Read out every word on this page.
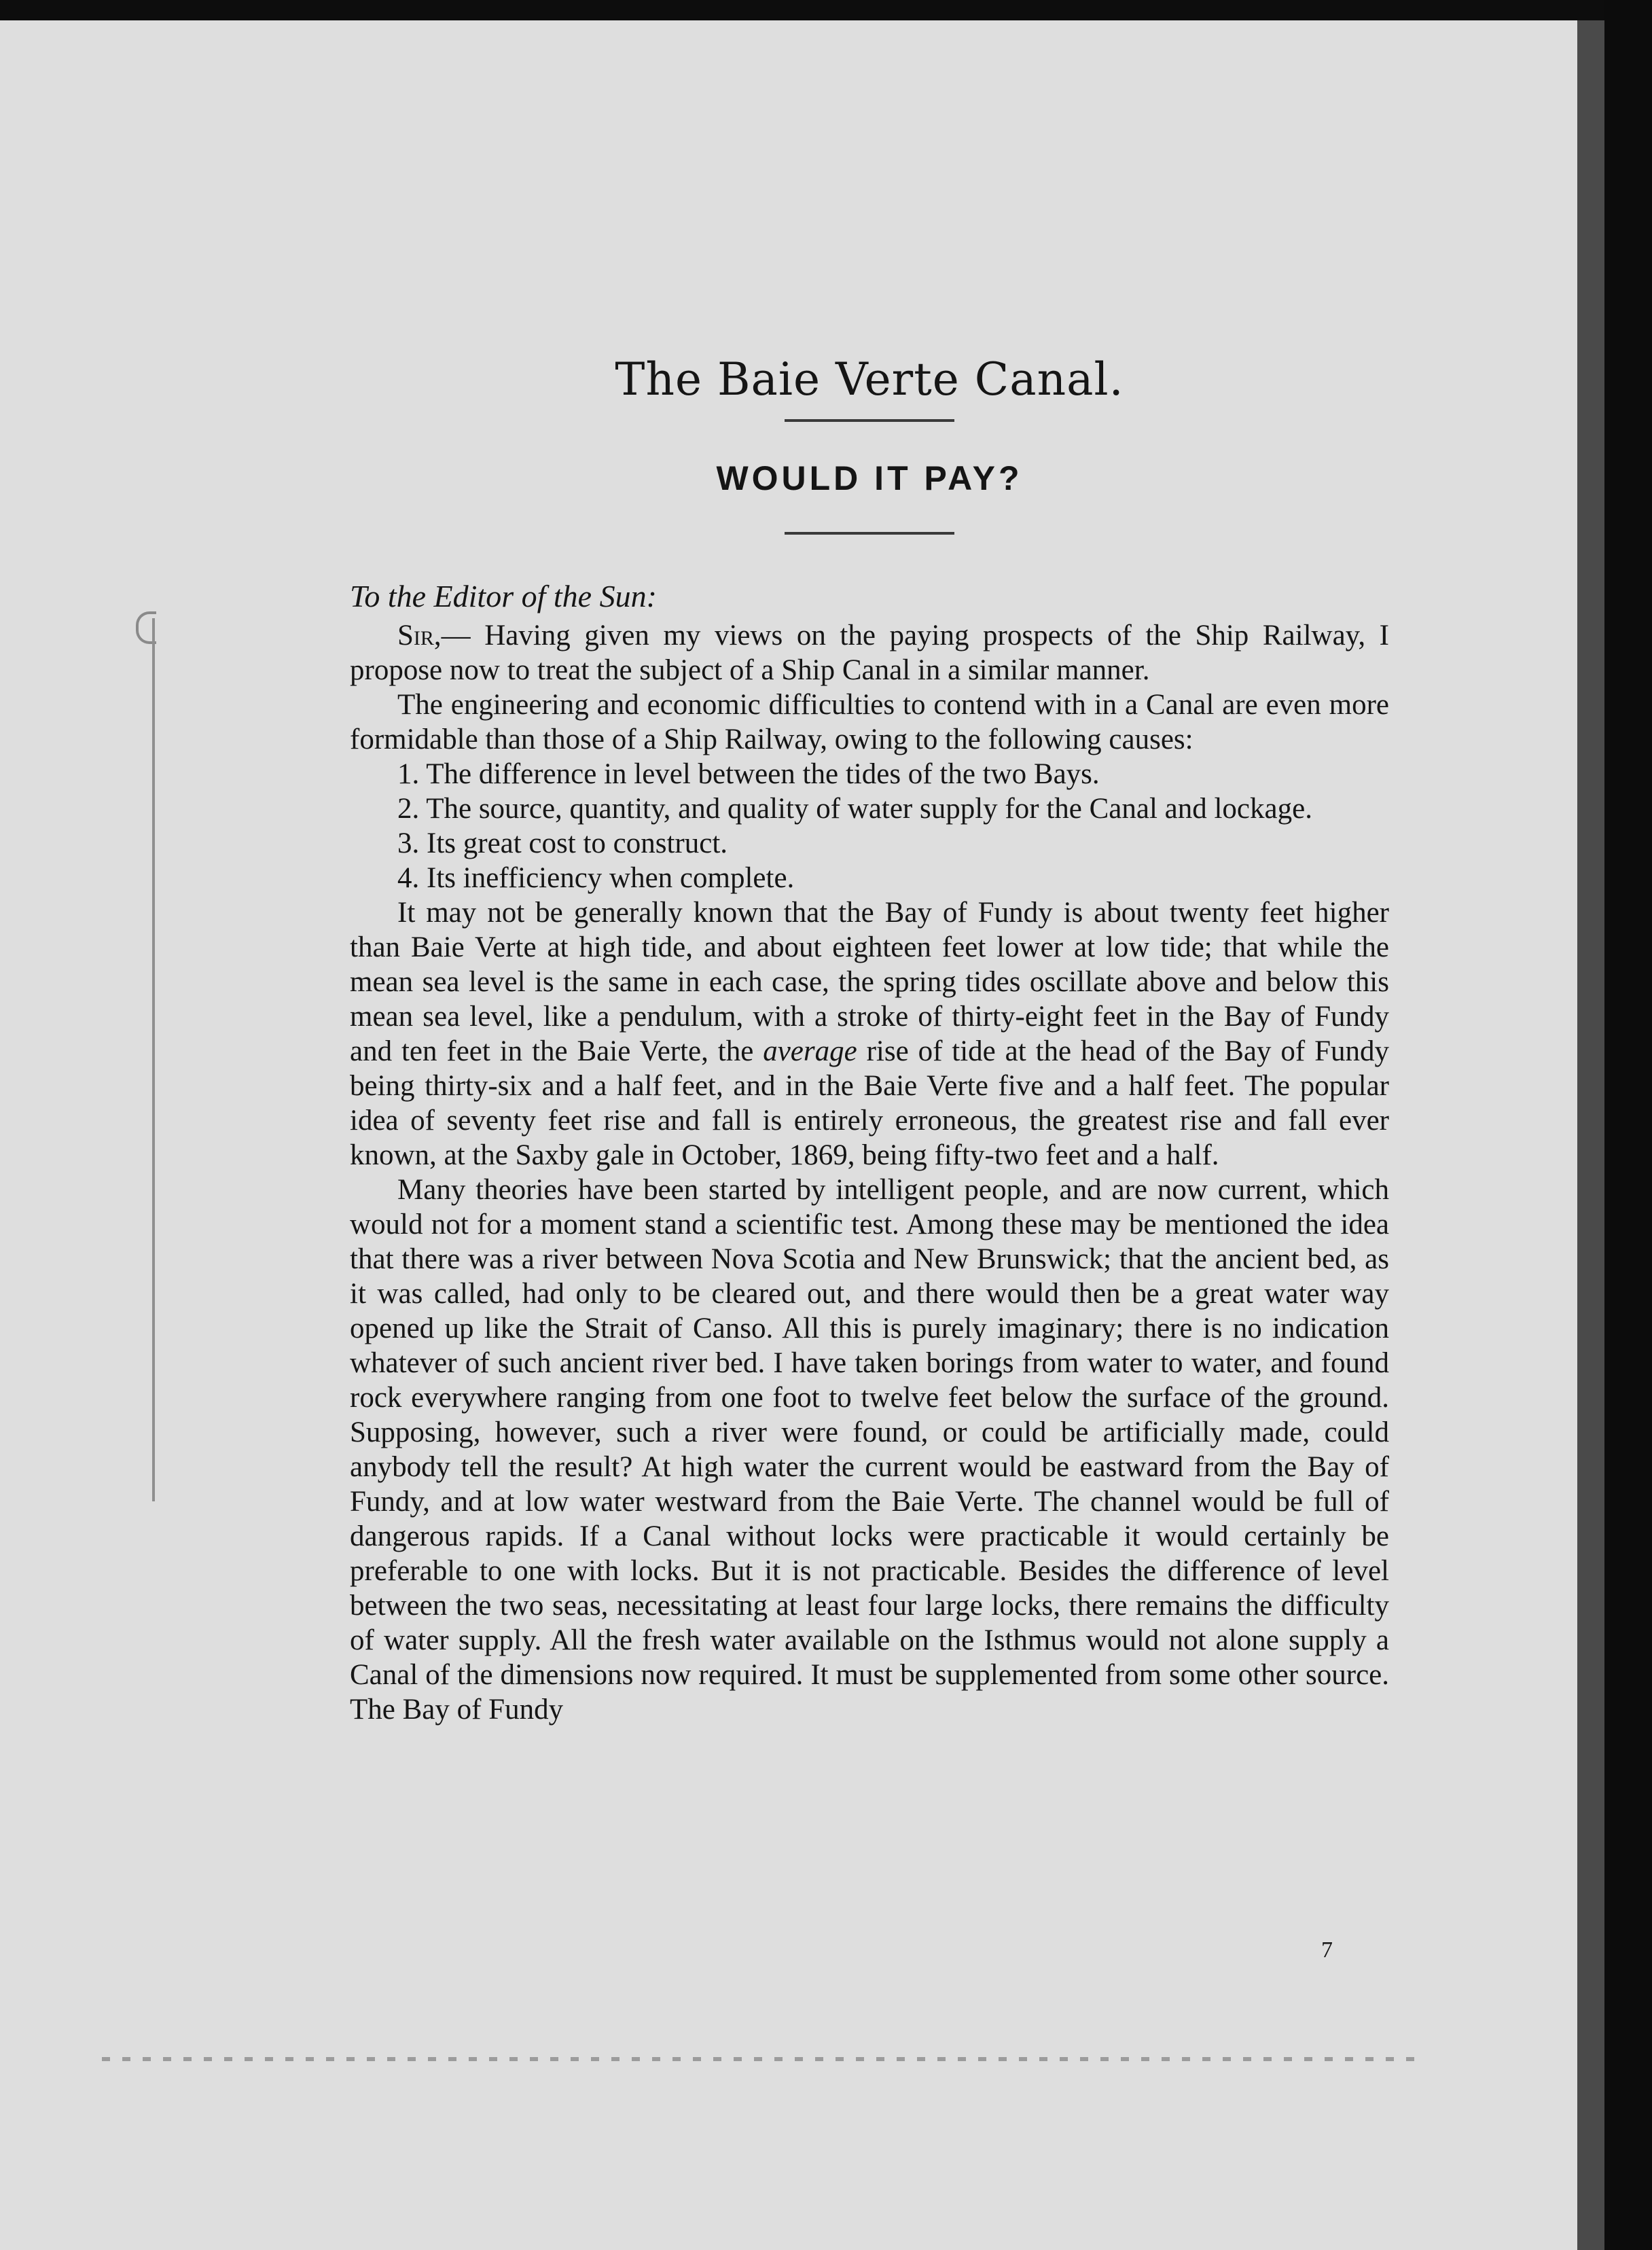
The Baie Verte Canal.
WOULD IT PAY?

To the Editor of the Sun:

Sir,— Having given my views on the paying prospects of the Ship Railway, I propose now to treat the subject of a Ship Canal in a similar manner.

The engineering and economic difficulties to contend with in a Canal are even more formidable than those of a Ship Railway, owing to the following causes:

1. The difference in level between the tides of the two Bays.

2. The source, quantity, and quality of water supply for the Canal and lockage.

3. Its great cost to construct.

4. Its inefficiency when complete.

It may not be generally known that the Bay of Fundy is about twenty feet higher than Baie Verte at high tide, and about eighteen feet lower at low tide; that while the mean sea level is the same in each case, the spring tides oscillate above and below this mean sea level, like a pendulum, with a stroke of thirty-eight feet in the Bay of Fundy and ten feet in the Baie Verte, the average rise of tide at the head of the Bay of Fundy being thirty-six and a half feet, and in the Baie Verte five and a half feet. The popular idea of seventy feet rise and fall is entirely erroneous, the greatest rise and fall ever known, at the Saxby gale in October, 1869, being fifty-two feet and a half.

Many theories have been started by intelligent people, and are now current, which would not for a moment stand a scientific test. Among these may be mentioned the idea that there was a river between Nova Scotia and New Brunswick; that the ancient bed, as it was called, had only to be cleared out, and there would then be a great water way opened up like the Strait of Canso. All this is purely imaginary; there is no indication whatever of such ancient river bed. I have taken borings from water to water, and found rock everywhere ranging from one foot to twelve feet below the surface of the ground. Supposing, however, such a river were found, or could be artificially made, could anybody tell the result? At high water the current would be eastward from the Bay of Fundy, and at low water westward from the Baie Verte. The channel would be full of dangerous rapids. If a Canal without locks were practicable it would certainly be preferable to one with locks. But it is not practicable. Besides the difference of level between the two seas, necessitating at least four large locks, there remains the difficulty of water supply. All the fresh water available on the Isthmus would not alone supply a Canal of the dimensions now required. It must be supplemented from some other source. The Bay of Fundy

7
